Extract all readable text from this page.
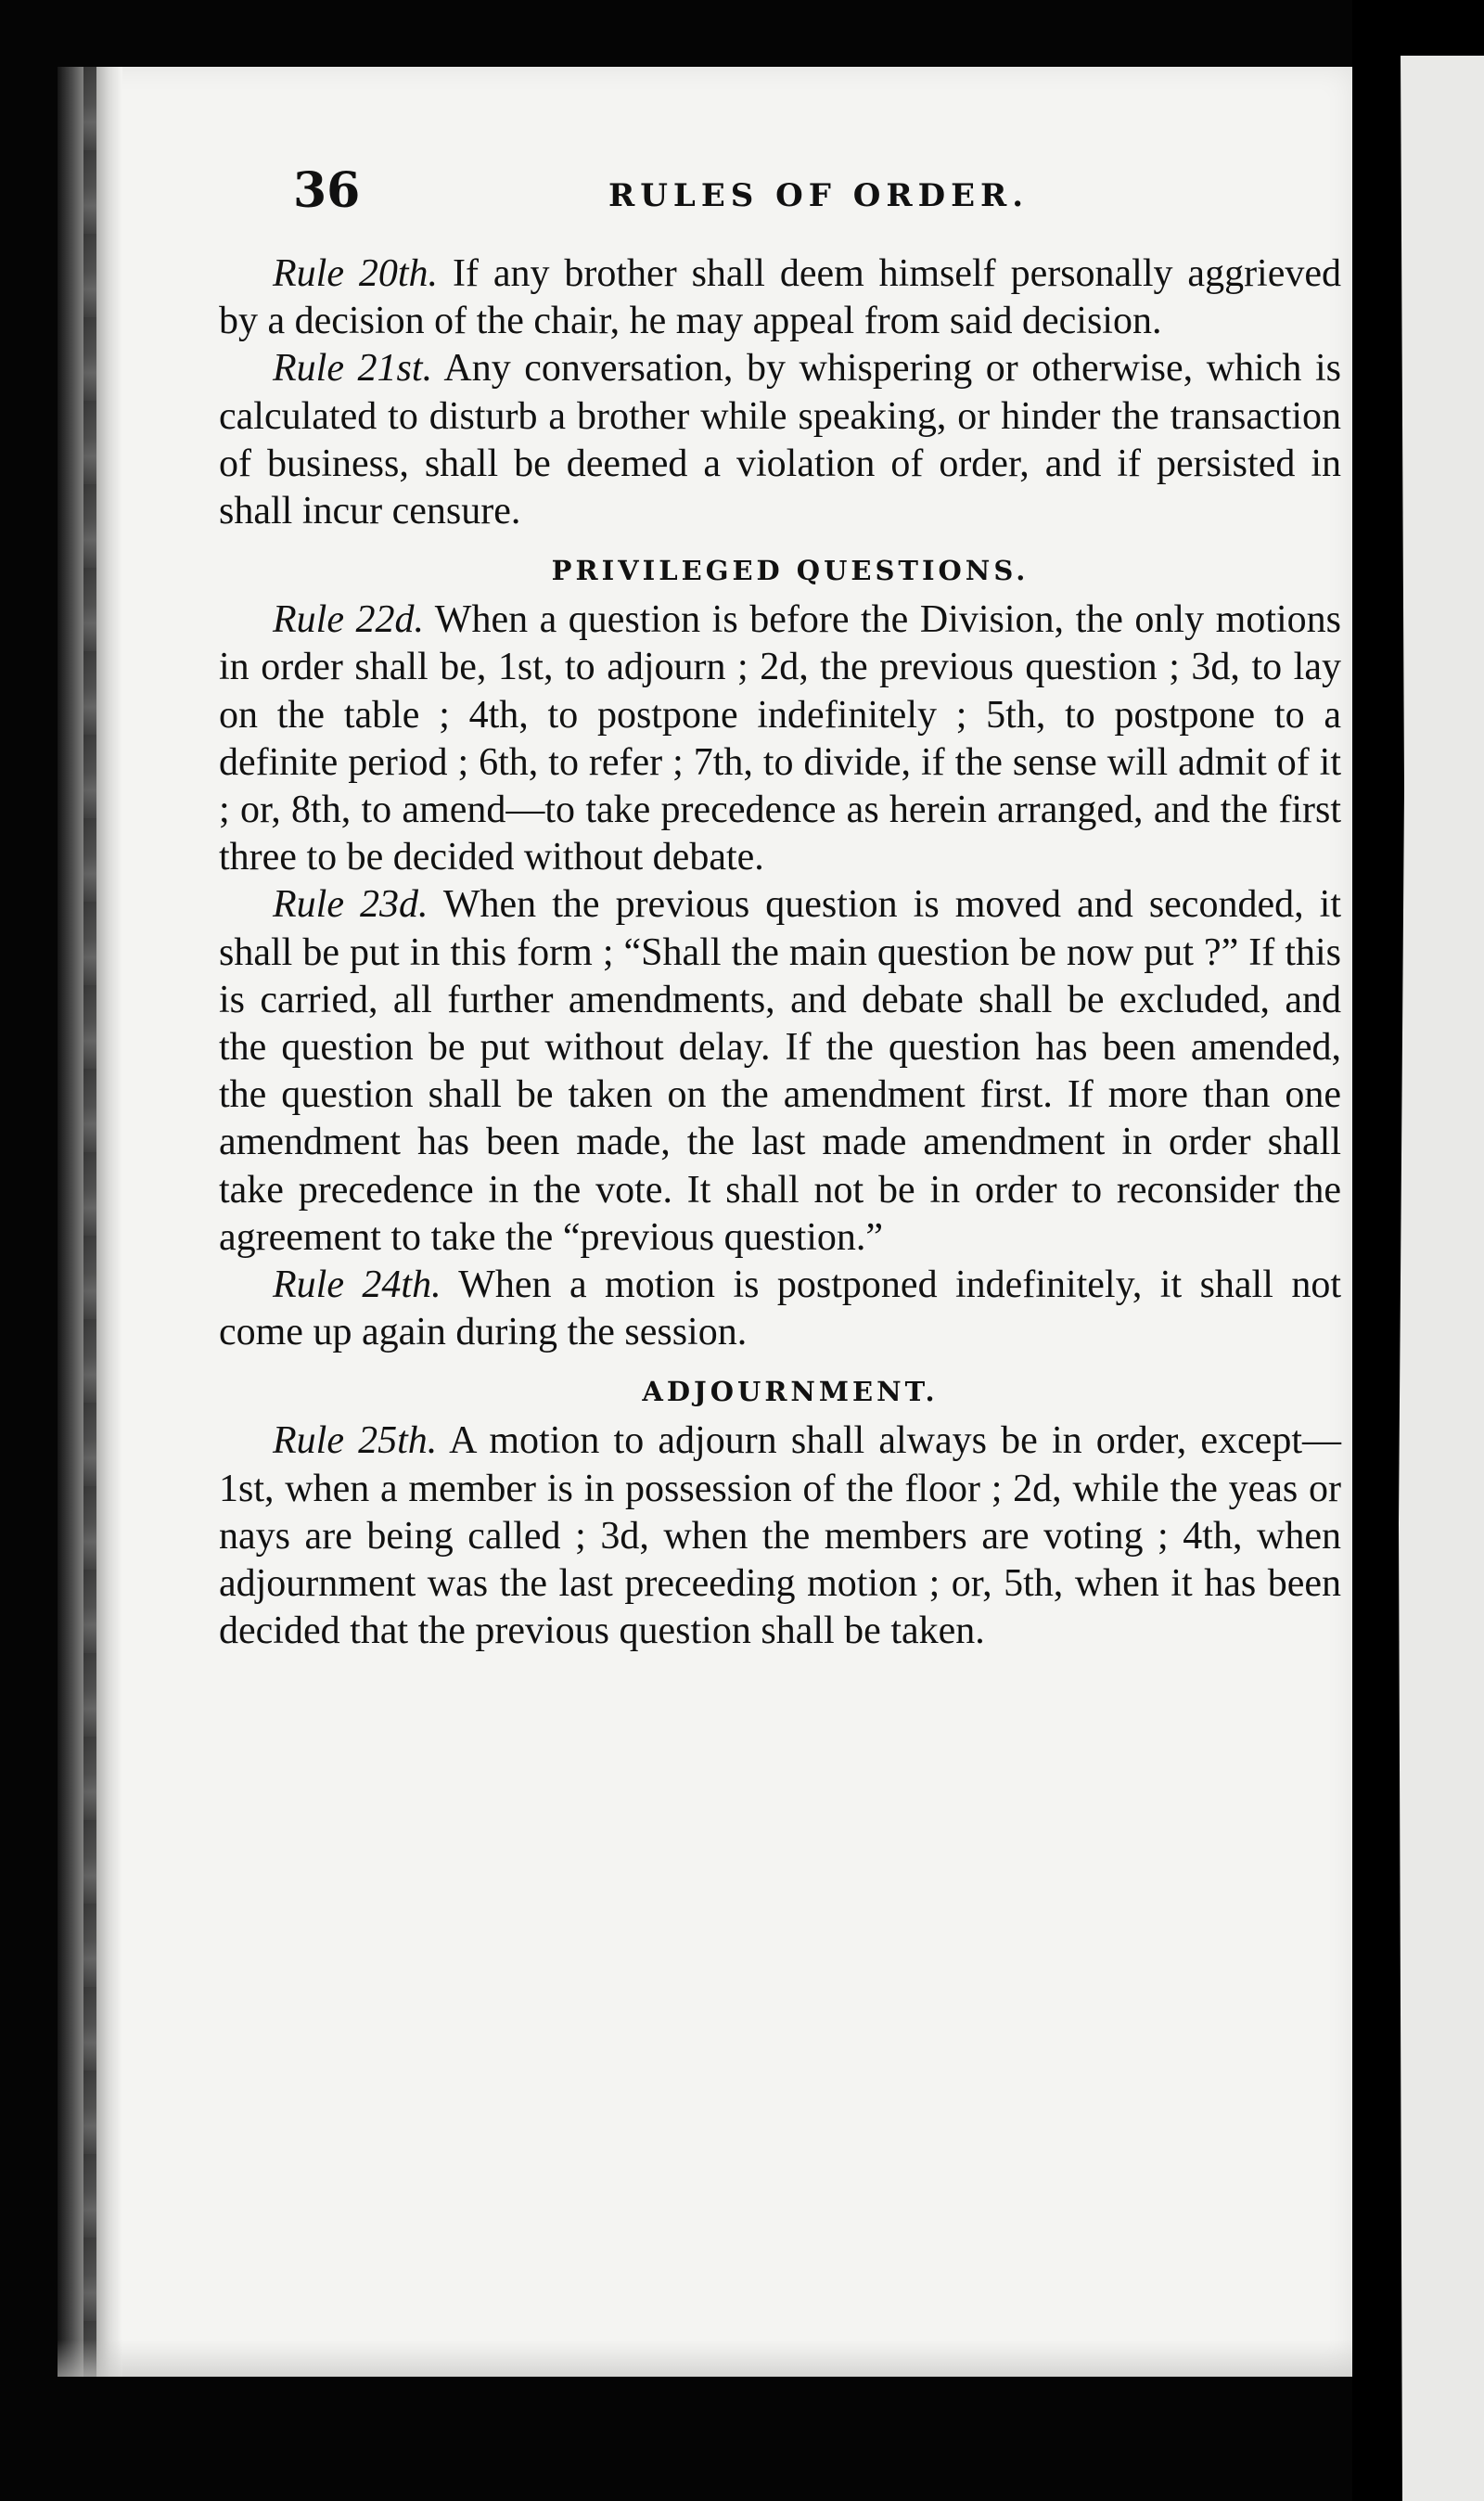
36	RULES OF ORDER.

Rule 20th. If any brother shall deem himself personally aggrieved by a decision of the chair, he may appeal from said decision.

Rule 21st. Any conversation, by whispering or otherwise, which is calculated to disturb a brother while speaking, or hinder the transaction of business, shall be deemed a violation of order, and if persisted in shall incur censure.

PRIVILEGED QUESTIONS.

Rule 22d. When a question is before the Division, the only motions in order shall be, 1st, to adjourn ; 2d, the previous question ; 3d, to lay on the table ; 4th, to postpone indefinitely ; 5th, to postpone to a definite period ; 6th, to refer ; 7th, to divide, if the sense will admit of it ; or, 8th, to amend—to take precedence as herein arranged, and the first three to be decided without debate.

Rule 23d. When the previous question is moved and seconded, it shall be put in this form ; “Shall the main question be now put ?” If this is carried, all further amendments, and debate shall be excluded, and the question be put without delay. If the question has been amended, the question shall be taken on the amendment first. If more than one amendment has been made, the last made amendment in order shall take precedence in the vote. It shall not be in order to reconsider the agreement to take the “previous question.”

Rule 24th. When a motion is postponed indefinitely, it shall not come up again during the session.

ADJOURNMENT.

Rule 25th. A motion to adjourn shall always be in order, except—1st, when a member is in possession of the floor ; 2d, while the yeas or nays are being called ; 3d, when the members are voting ; 4th, when adjournment was the last preceeding motion ; or, 5th, when it has been decided that the previous question shall be taken.
